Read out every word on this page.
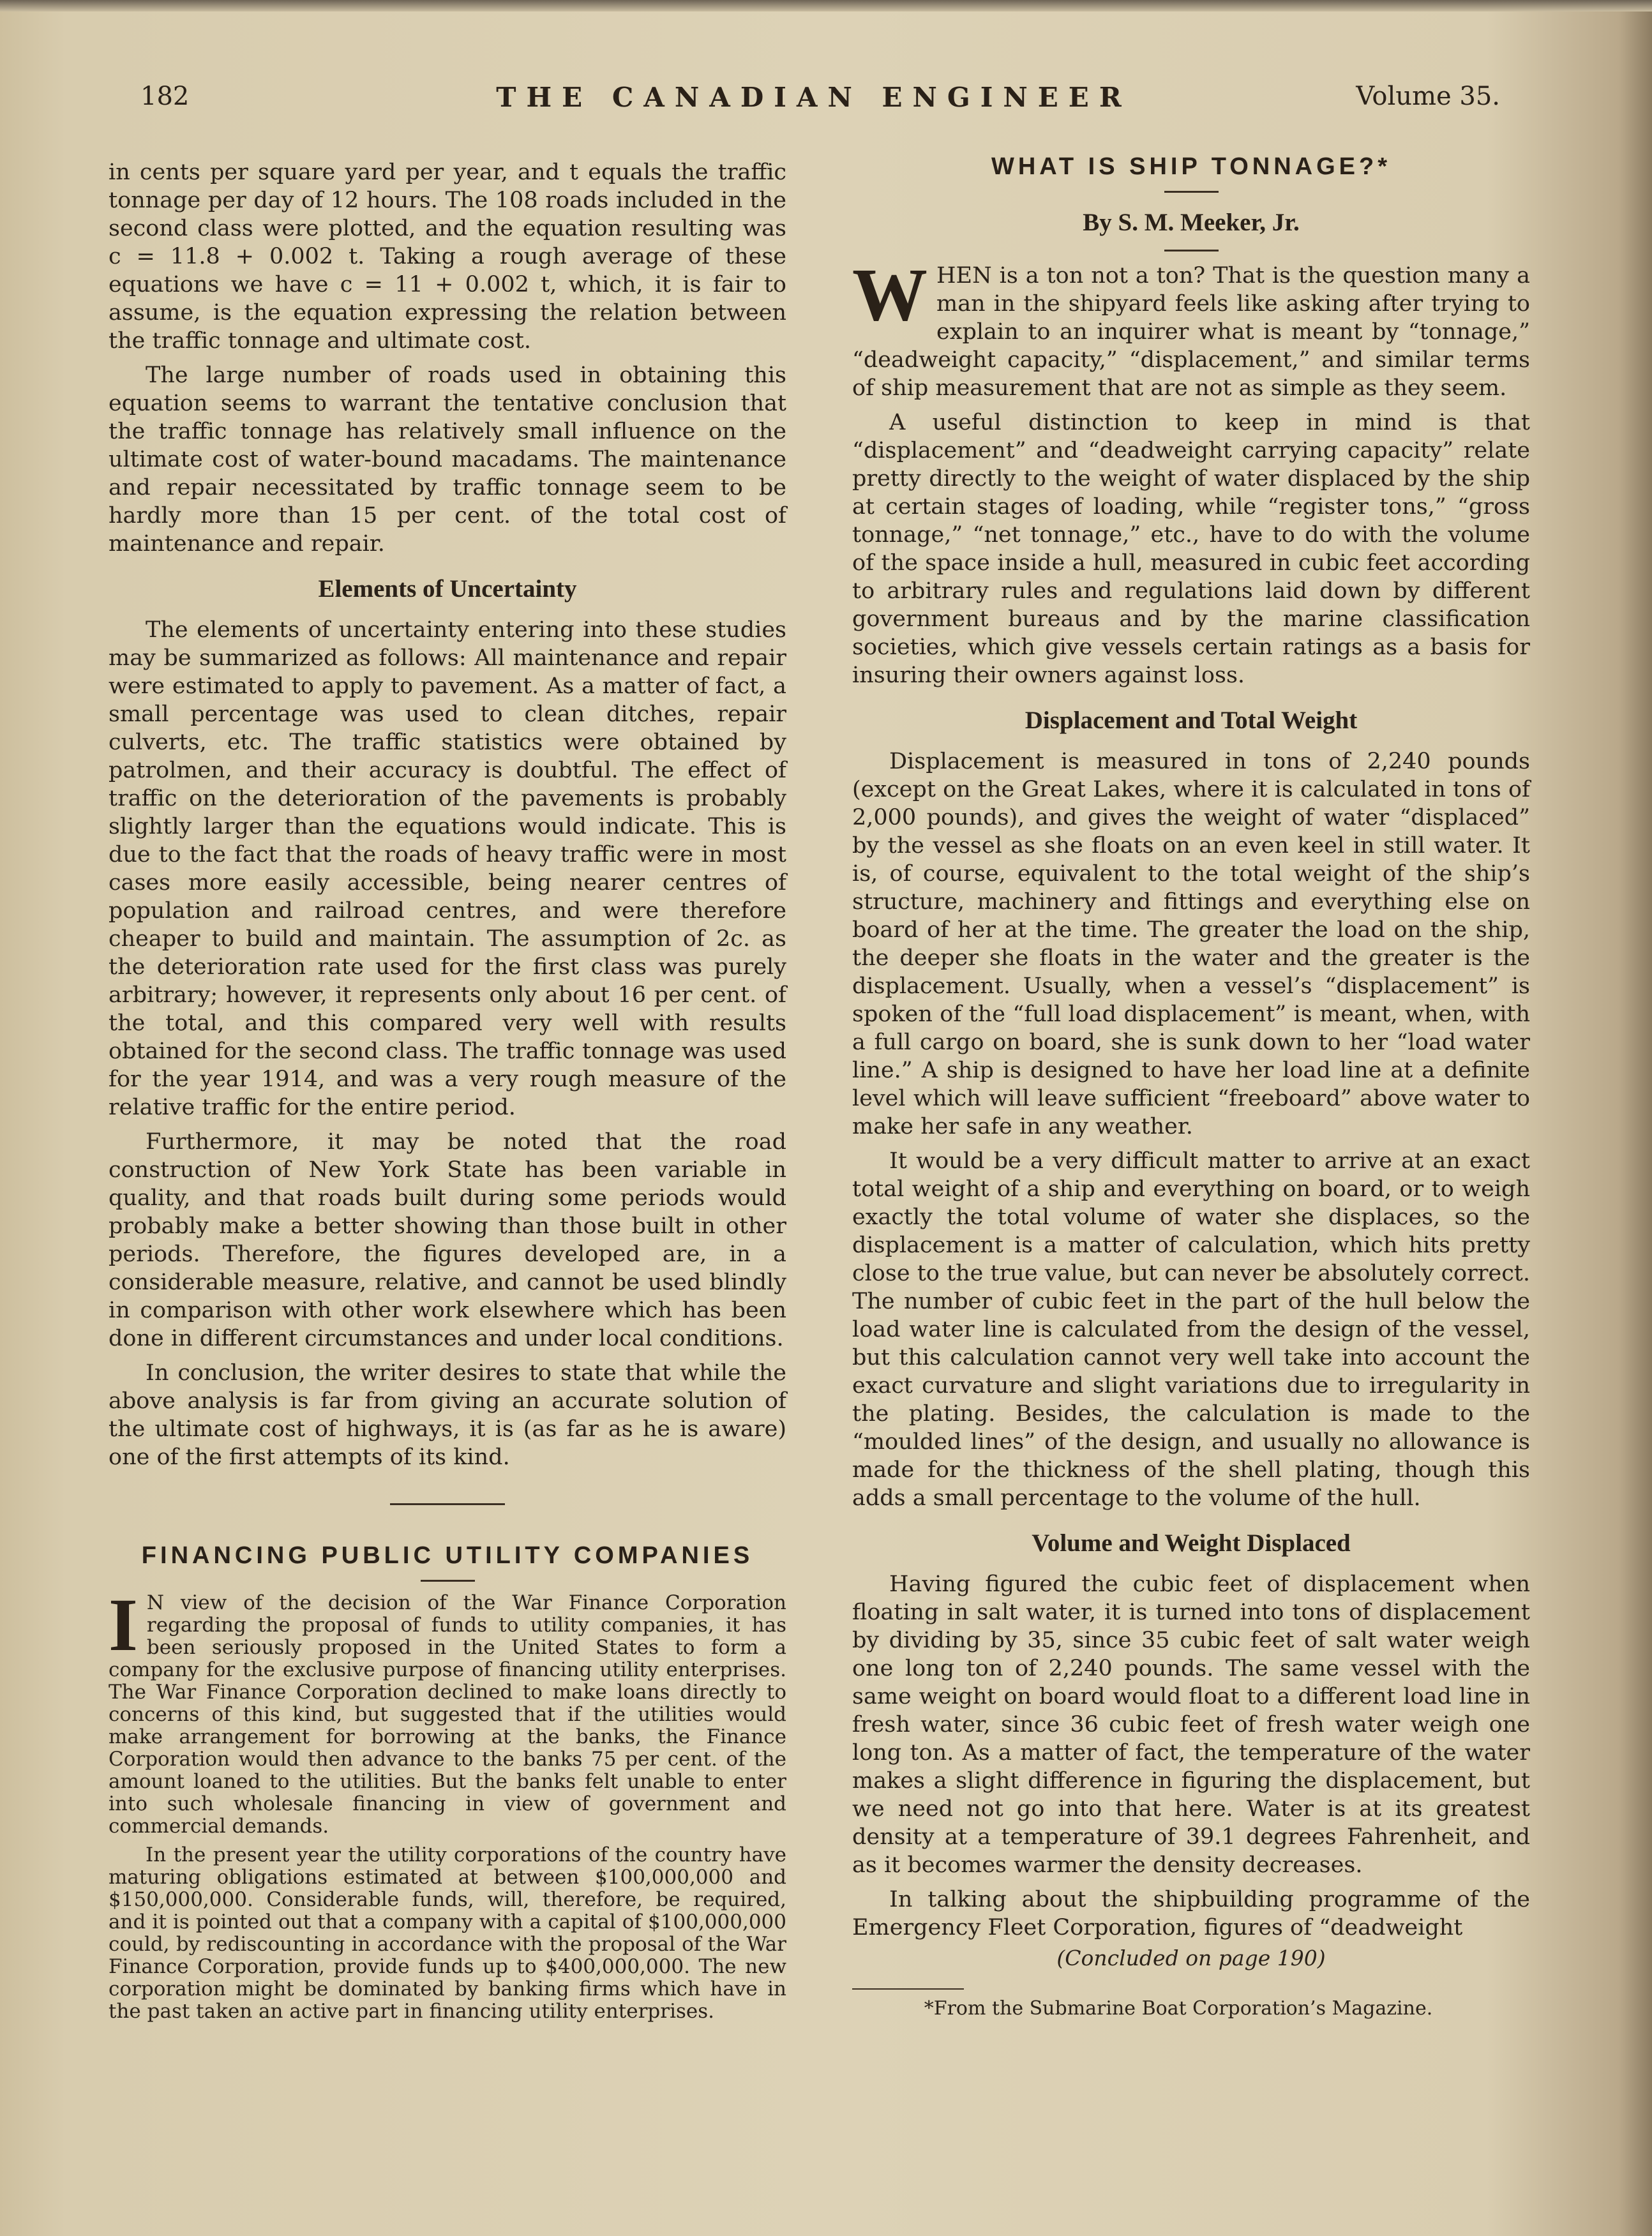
182	THE CANADIAN ENGINEER	Volume 35.

in cents per square yard per year, and t equals the traffic tonnage per day of 12 hours. The 108 roads included in the second class were plotted, and the equation resulting was c = 11.8 + 0.002 t. Taking a rough average of these equations we have c = 11 + 0.002 t, which, it is fair to assume, is the equation expressing the relation between the traffic tonnage and ultimate cost.

The large number of roads used in obtaining this equation seems to warrant the tentative conclusion that the traffic tonnage has relatively small influence on the ultimate cost of water-bound macadams. The maintenance and repair necessitated by traffic tonnage seem to be hardly more than 15 per cent. of the total cost of maintenance and repair.

Elements of Uncertainty

The elements of uncertainty entering into these studies may be summarized as follows: All maintenance and repair were estimated to apply to pavement. As a matter of fact, a small percentage was used to clean ditches, repair culverts, etc. The traffic statistics were obtained by patrolmen, and their accuracy is doubtful. The effect of traffic on the deterioration of the pavements is probably slightly larger than the equations would indicate. This is due to the fact that the roads of heavy traffic were in most cases more easily accessible, being nearer centres of population and railroad centres, and were therefore cheaper to build and maintain. The assumption of 2c. as the deterioration rate used for the first class was purely arbitrary; however, it represents only about 16 per cent. of the total, and this compared very well with results obtained for the second class. The traffic tonnage was used for the year 1914, and was a very rough measure of the relative traffic for the entire period.

Furthermore, it may be noted that the road construction of New York State has been variable in quality, and that roads built during some periods would probably make a better showing than those built in other periods. Therefore, the figures developed are, in a considerable measure, relative, and cannot be used blindly in comparison with other work elsewhere which has been done in different circumstances and under local conditions.

In conclusion, the writer desires to state that while the above analysis is far from giving an accurate solution of the ultimate cost of highways, it is (as far as he is aware) one of the first attempts of its kind.

FINANCING PUBLIC UTILITY COMPANIES

I N view of the decision of the War Finance Corporation regarding the proposal of funds to utility companies, it has been seriously proposed in the United States to form a company for the exclusive purpose of financing utility enterprises. The War Finance Corporation declined to make loans directly to concerns of this kind, but suggested that if the utilities would make arrangement for borrowing at the banks, the Finance Corporation would then advance to the banks 75 per cent. of the amount loaned to the utilities. But the banks felt unable to enter into such wholesale financing in view of government and commercial demands.

In the present year the utility corporations of the country have maturing obligations estimated at between $100,000,000 and $150,000,000. Considerable funds, will, therefore, be required, and it is pointed out that a company with a capital of $100,000,000 could, by rediscounting in accordance with the proposal of the War Finance Corporation, provide funds up to $400,000,000. The new corporation might be dominated by banking firms which have in the past taken an active part in financing utility enterprises.

WHAT IS SHIP TONNAGE?*
By S. M. Meeker, Jr.

WHEN is a ton not a ton? That is the question many a man in the shipyard feels like asking after trying to explain to an inquirer what is meant by “tonnage,” “deadweight capacity,” “displacement,” and similar terms of ship measurement that are not as simple as they seem.

A useful distinction to keep in mind is that “displacement” and “deadweight carrying capacity” relate pretty directly to the weight of water displaced by the ship at certain stages of loading, while “register tons,” “gross tonnage,” “net tonnage,” etc., have to do with the volume of the space inside a hull, measured in cubic feet according to arbitrary rules and regulations laid down by different government bureaus and by the marine classification societies, which give vessels certain ratings as a basis for insuring their owners against loss.

Displacement and Total Weight

Displacement is measured in tons of 2,240 pounds (except on the Great Lakes, where it is calculated in tons of 2,000 pounds), and gives the weight of water “displaced” by the vessel as she floats on an even keel in still water. It is, of course, equivalent to the total weight of the ship’s structure, machinery and fittings and everything else on board of her at the time. The greater the load on the ship, the deeper she floats in the water and the greater is the displacement. Usually, when a vessel’s “displacement” is spoken of the “full load displacement” is meant, when, with a full cargo on board, she is sunk down to her “load water line.” A ship is designed to have her load line at a definite level which will leave sufficient “freeboard” above water to make her safe in any weather.

It would be a very difficult matter to arrive at an exact total weight of a ship and everything on board, or to weigh exactly the total volume of water she displaces, so the displacement is a matter of calculation, which hits pretty close to the true value, but can never be absolutely correct. The number of cubic feet in the part of the hull below the load water line is calculated from the design of the vessel, but this calculation cannot very well take into account the exact curvature and slight variations due to irregularity in the plating. Besides, the calculation is made to the “moulded lines” of the design, and usually no allowance is made for the thickness of the shell plating, though this adds a small percentage to the volume of the hull.

Volume and Weight Displaced

Having figured the cubic feet of displacement when floating in salt water, it is turned into tons of displacement by dividing by 35, since 35 cubic feet of salt water weigh one long ton of 2,240 pounds. The same vessel with the same weight on board would float to a different load line in fresh water, since 36 cubic feet of fresh water weigh one long ton. As a matter of fact, the temperature of the water makes a slight difference in figuring the displacement, but we need not go into that here. Water is at its greatest density at a temperature of 39.1 degrees Fahrenheit, and as it becomes warmer the density decreases.

In talking about the shipbuilding programme of the Emergency Fleet Corporation, figures of “deadweight

(Concluded on page 190)
*From the Submarine Boat Corporation’s Magazine.
